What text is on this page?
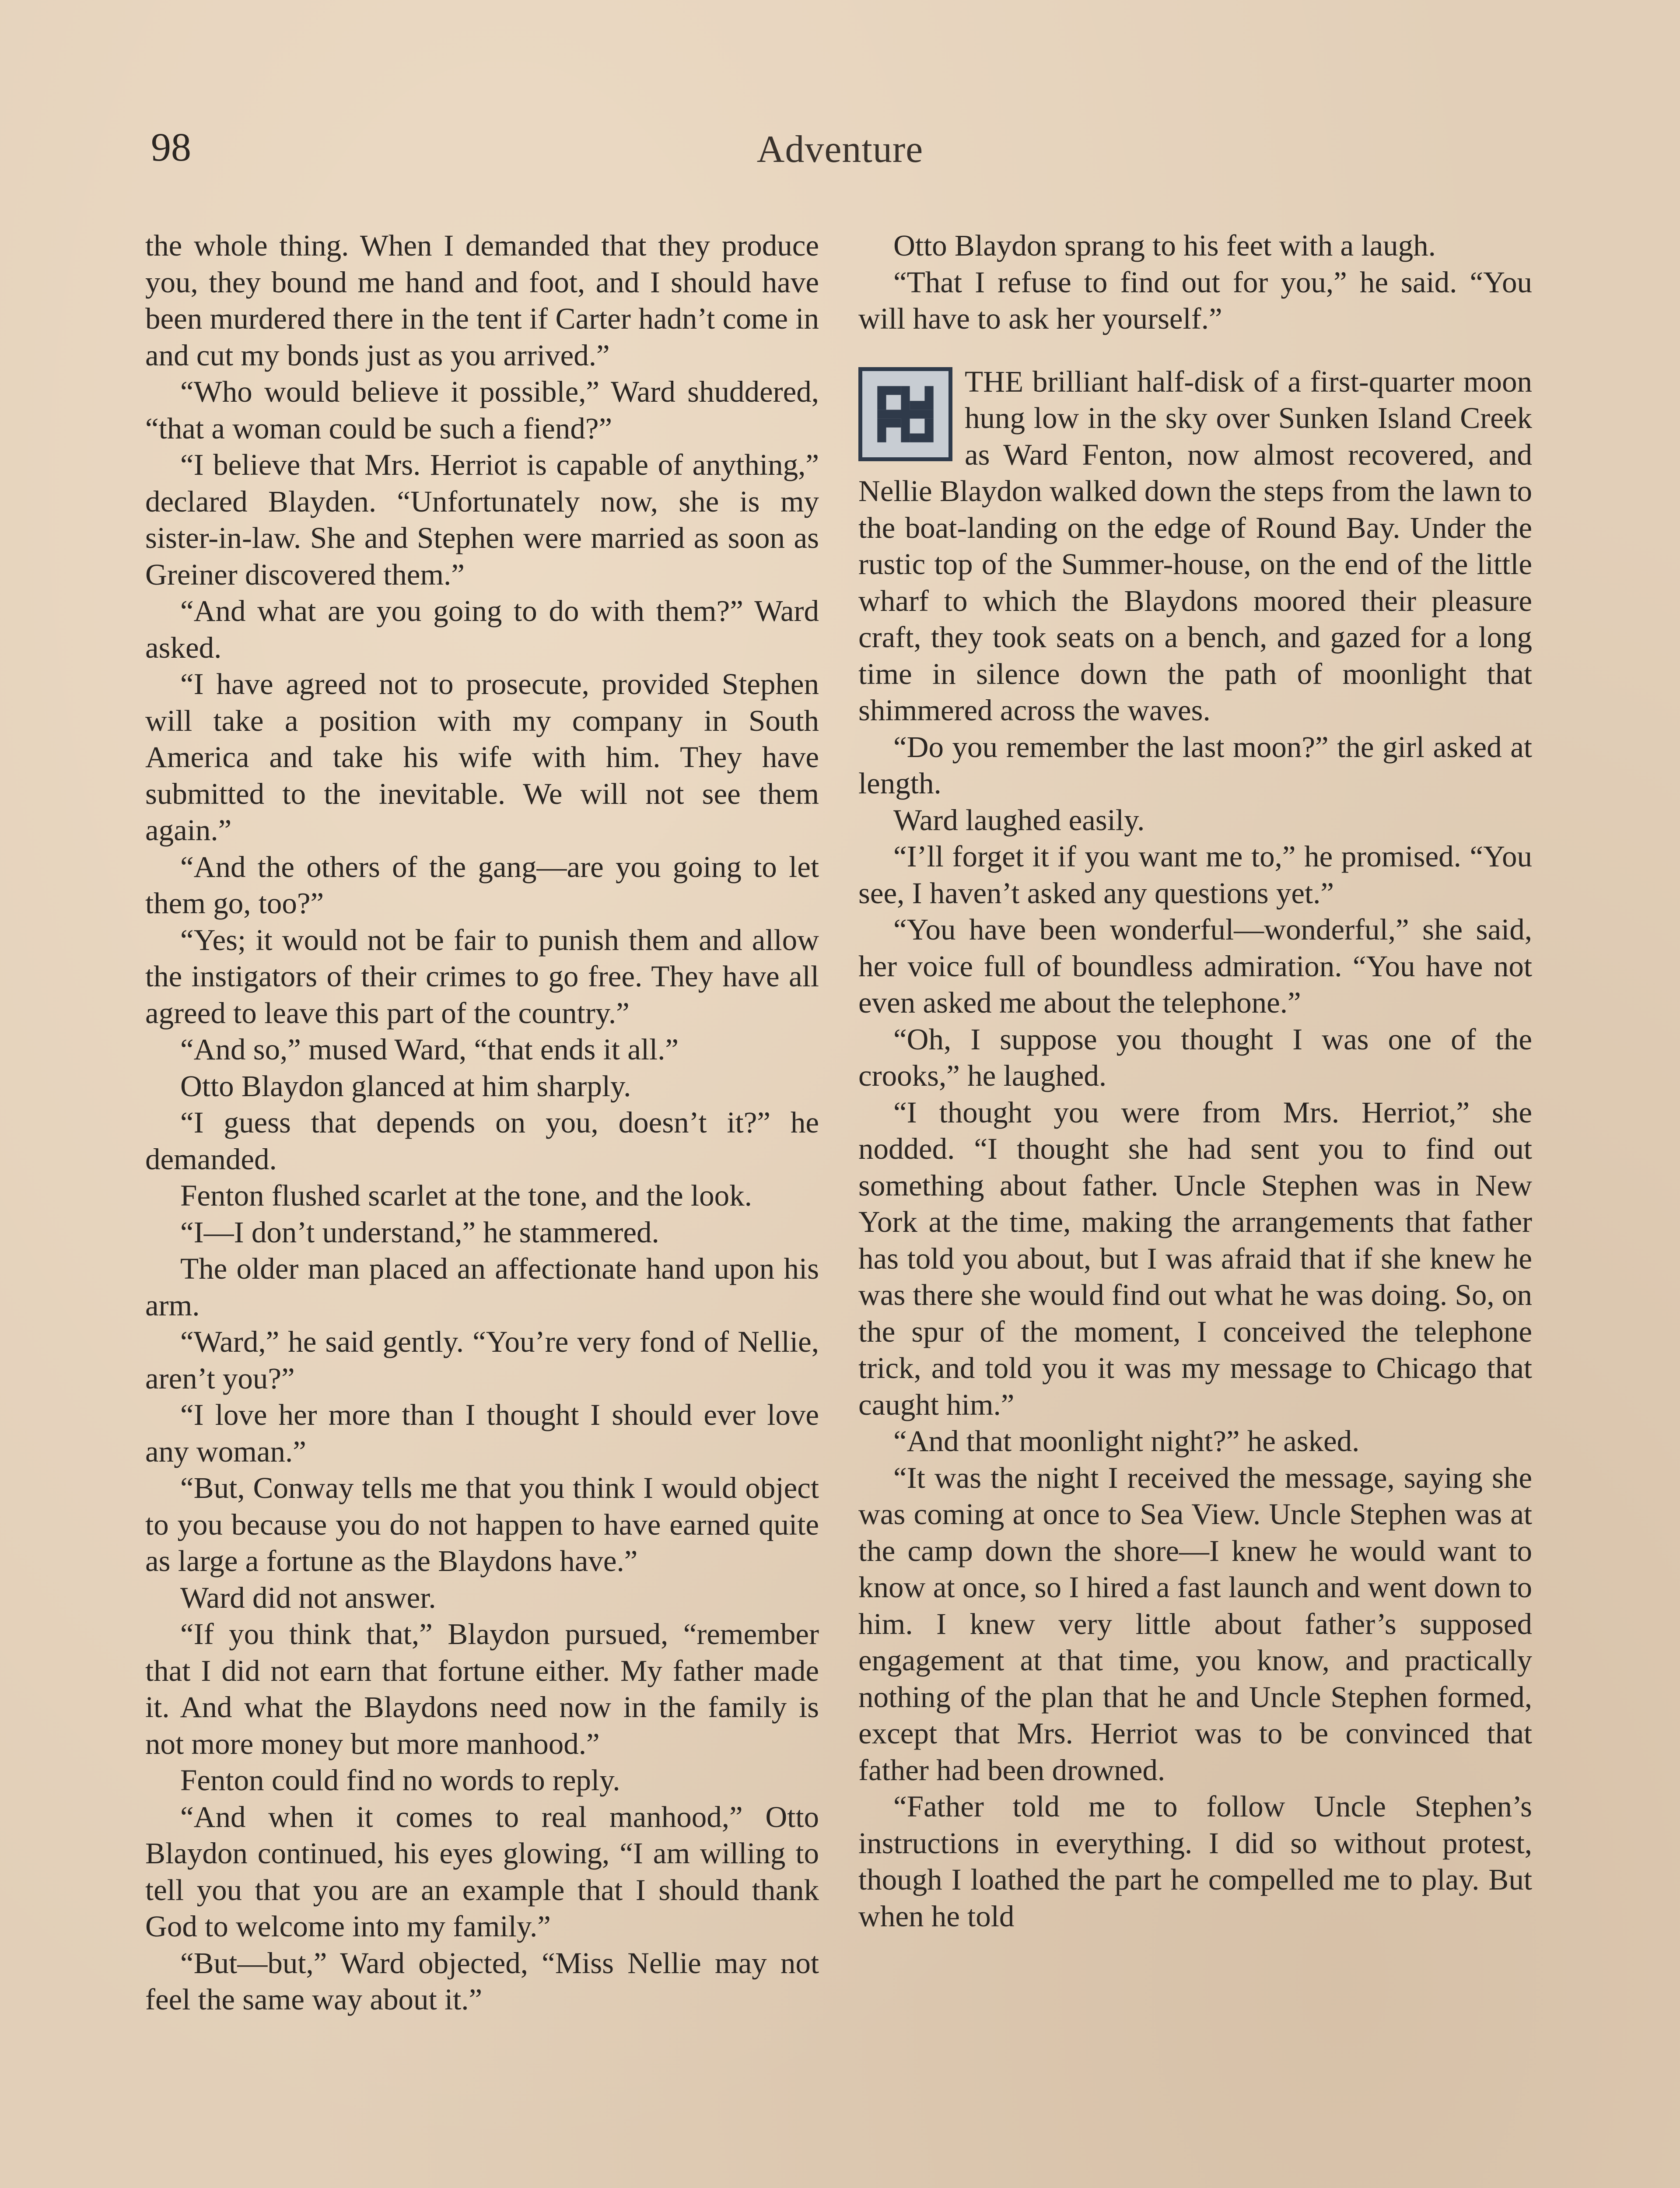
98	Adventure

the whole thing. When I demanded that they produce you, they bound me hand and foot, and I should have been murdered there in the tent if Carter hadn’t come in and cut my bonds just as you arrived.”

“Who would believe it possible,” Ward shuddered, “that a woman could be such a fiend?”

“I believe that Mrs. Herriot is capable of anything,” declared Blayden. “Unfortunately now, she is my sister-in-law. She and Stephen were married as soon as Greiner discovered them.”

“And what are you going to do with them?” Ward asked.

“I have agreed not to prosecute, provided Stephen will take a position with my company in South America and take his wife with him. They have submitted to the inevitable. We will not see them again.”

“And the others of the gang—are you going to let them go, too?”

“Yes; it would not be fair to punish them and allow the instigators of their crimes to go free. They have all agreed to leave this part of the country.”

“And so,” mused Ward, “that ends it all.”

Otto Blaydon glanced at him sharply.

“I guess that depends on you, doesn’t it?” he demanded.

Fenton flushed scarlet at the tone, and the look.

“I—I don’t understand,” he stammered.

The older man placed an affectionate hand upon his arm.

“Ward,” he said gently. “You’re very fond of Nellie, aren’t you?”

“I love her more than I thought I should ever love any woman.”

“But, Conway tells me that you think I would object to you because you do not happen to have earned quite as large a fortune as the Blaydons have.”

Ward did not answer.

“If you think that,” Blaydon pursued, “remember that I did not earn that fortune either. My father made it. And what the Blaydons need now in the family is not more money but more manhood.”

Fenton could find no words to reply.

“And when it comes to real manhood,” Otto Blaydon continued, his eyes glowing, “I am willing to tell you that you are an example that I should thank God to welcome into my family.”

“But—but,” Ward objected, “Miss Nellie may not feel the same way about it.”

Otto Blaydon sprang to his feet with a laugh.

“That I refuse to find out for you,” he said. “You will have to ask her yourself.”

THE brilliant half-disk of a first-quarter moon hung low in the sky over Sunken Island Creek as Ward Fenton, now almost recovered, and Nellie Blaydon walked down the steps from the lawn to the boat-landing on the edge of Round Bay. Under the rustic top of the Summer-house, on the end of the little wharf to which the Blaydons moored their pleasure craft, they took seats on a bench, and gazed for a long time in silence down the path of moonlight that shimmered across the waves.

“Do you remember the last moon?” the girl asked at length.

Ward laughed easily.

“I’ll forget it if you want me to,” he promised. “You see, I haven’t asked any questions yet.”

“You have been wonderful—wonderful,” she said, her voice full of boundless admiration. “You have not even asked me about the telephone.”

“Oh, I suppose you thought I was one of the crooks,” he laughed.

“I thought you were from Mrs. Herriot,” she nodded. “I thought she had sent you to find out something about father. Uncle Stephen was in New York at the time, making the arrangements that father has told you about, but I was afraid that if she knew he was there she would find out what he was doing. So, on the spur of the moment, I conceived the telephone trick, and told you it was my message to Chicago that caught him.”

“And that moonlight night?” he asked.

“It was the night I received the message, saying she was coming at once to Sea View. Uncle Stephen was at the camp down the shore—I knew he would want to know at once, so I hired a fast launch and went down to him. I knew very little about father’s supposed engagement at that time, you know, and practically nothing of the plan that he and Uncle Stephen formed, except that Mrs. Herriot was to be convinced that father had been drowned.

“Father told me to follow Uncle Stephen’s instructions in everything. I did so without protest, though I loathed the part he compelled me to play. But when he told
